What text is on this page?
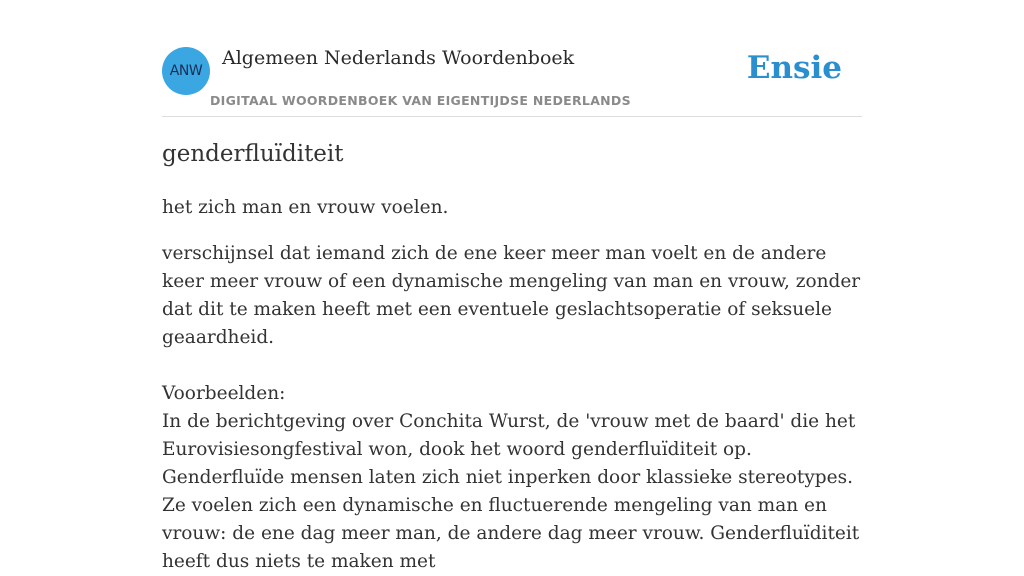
ANW
Algemeen Nederlands Woordenboek
DIGITAAL WOORDENBOEK VAN EIGENTIJDSE NEDERLANDS
Ensie
genderfluïditeit

het zich man en vrouw voelen.

verschijnsel dat iemand zich de ene keer meer man voelt en de andere keer meer vrouw of een dynamische mengeling van man en vrouw, zonder dat dit te maken heeft met een eventuele geslachtsoperatie of seksuele geaardheid.

Voorbeelden:

In de berichtgeving over Conchita Wurst, de 'vrouw met de baard' die het Eurovisiesongfestival won, dook het woord genderfluïditeit op. Genderfluïde mensen laten zich niet inperken door klassieke stereotypes. Ze voelen zich een dynamische en fluctuerende mengeling van man en vrouw: de ene dag meer man, de andere dag meer vrouw. Genderfluïditeit heeft dus niets te maken met
